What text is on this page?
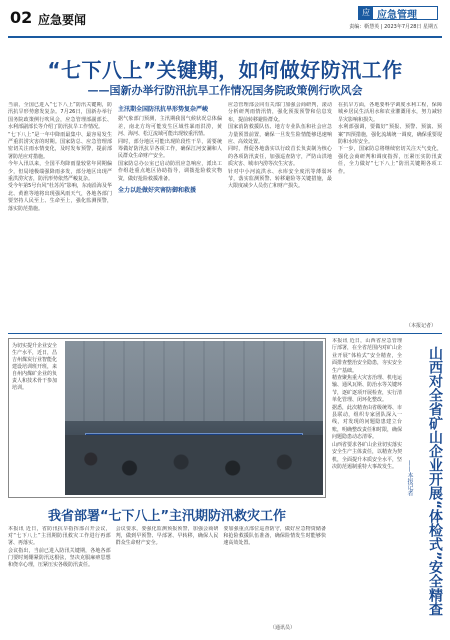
02 应急要闻
应 应急管理
责编：靳慧英 | 2023年7月28日 星期五
“七下八上”关键期，如何做好防汛工作
——国新办举行防汛抗旱工作情况国务院政策例行吹风会

当前，全国已进入“七下八上”防汛关键期，防汛抗旱形势愈发复杂。7月26日，国新办举行国务院政策例行吹风会，应急管理部副部长、水利部副部长等介绍了防汛抗旱工作情况。

“七下八上”是一年中降雨最集中、最容易发生严重洪涝灾害的时期。国家防总、应急管理部密切关注雨水情变化，及时发布预警，提前部署防范应对措施。

今年入汛以来，全国平均降雨量较常年同期偏少，但局地极端强降雨多发，部分地区出现严重洪涝灾害，防汛形势依然严峻复杂。

受今年第5号台风“杜苏芮”影响，东南沿海及华北、黄淮等地将出现强风雨天气，各地各部门要坚持人民至上、生命至上，强化监测预警，落实防范措施。

主汛期全国防汛抗旱形势复杂严峻

据气象部门预测，主汛期我国气候状况总体偏差，南北方均可能发生区域性暴雨洪涝，黄河、海河、松辽流域可能出现较重汛情。

同时，部分地区可能出现阶段性干旱，需要统筹做好防汛抗旱各项工作，确保江河安澜和人民群众生命财产安全。

国家防总办公室已启动防汛应急响应，派出工作组赴重点地区协助指导，调拨抢险救灾物资，做好抢险救援准备。

全力以赴做好灾害防御和救援

应急管理部会同有关部门加强会商研判，滚动分析研判雨情汛情，强化预报预警和信息发布，提前转移避险群众。

国家消防救援队伍、地方专业队伍和社会应急力量预置前置，确保一旦发生险情能够迅速响应、高效处置。

同时，督促各地落实以行政首长负责制为核心的各项防汛责任，加强巡查防守，严防山洪地质灾害、城市内涝等次生灾害。

针对中小河流洪水、水库安全度汛等薄弱环节，落实监测预警、转移避险等关键措施，最大限度减少人员伤亡和财产损失。

在抗旱方面，各地要科学调度水利工程，保障城乡居民生活用水和农业灌溉用水，努力减轻旱灾影响和损失。

水利部强调，要做好“预报、预警、预演、预案”四预措施，强化流域统一调度，确保重要堤防和水库安全。

下一步，国家防总将继续密切关注天气变化，强化会商研判和调度指挥，压紧压实防汛责任，全力做好“七下八上”防汛关键期各项工作。

（本报记者）
为切实提升企业安全生产水平，近日，昌吉州煤炭行业智能化建设培训班开班，来自州内煤矿企业的负责人和技术骨干参加培训。

本报讯 近日，山西省应急管理厅部署，在全省范围内对矿山企业开展“体检式”安全精查，全面排查整治安全隐患，夯实安全生产基础。

精查聚焦重大灾害治理、机电运输、通风瓦斯、防治水等关键环节，逐矿逐项开展检查，实行清单化管理、闭环化整改。

据悉，此次精查由省级统筹、市县联动，组织专家团队深入一线，对发现的问题隐患建立台账，明确整改责任和时限，确保问题隐患动态清零。

山西省要求各矿山企业切实落实安全生产主体责任，以精查为契机，全面提升本质安全水平，坚决防范遏制重特大事故发生。	山西对全省矿山企业开展“体检式”安全精查
——本报记者
我省部署“七下八上”主汛期防汛救灾工作

本报讯 近日，省防汛抗旱指挥部召开会议，对“七下八上”主汛期防汛救灾工作进行再部署、再落实。

会议指出，当前已进入防汛关键期，各地各部门要时刻绷紧防汛这根弦，坚决克服麻痹思想和侥幸心理，压紧压实各级防汛责任。

会议要求，要强化监测预报预警，加强会商研判，做到早预警、早部署、早转移，确保人民群众生命财产安全。

要加强重点部位巡查防守，做好应急物资储备和抢险救援队伍准备，确保险情发生时能够快速高效处置。

（通讯员）
